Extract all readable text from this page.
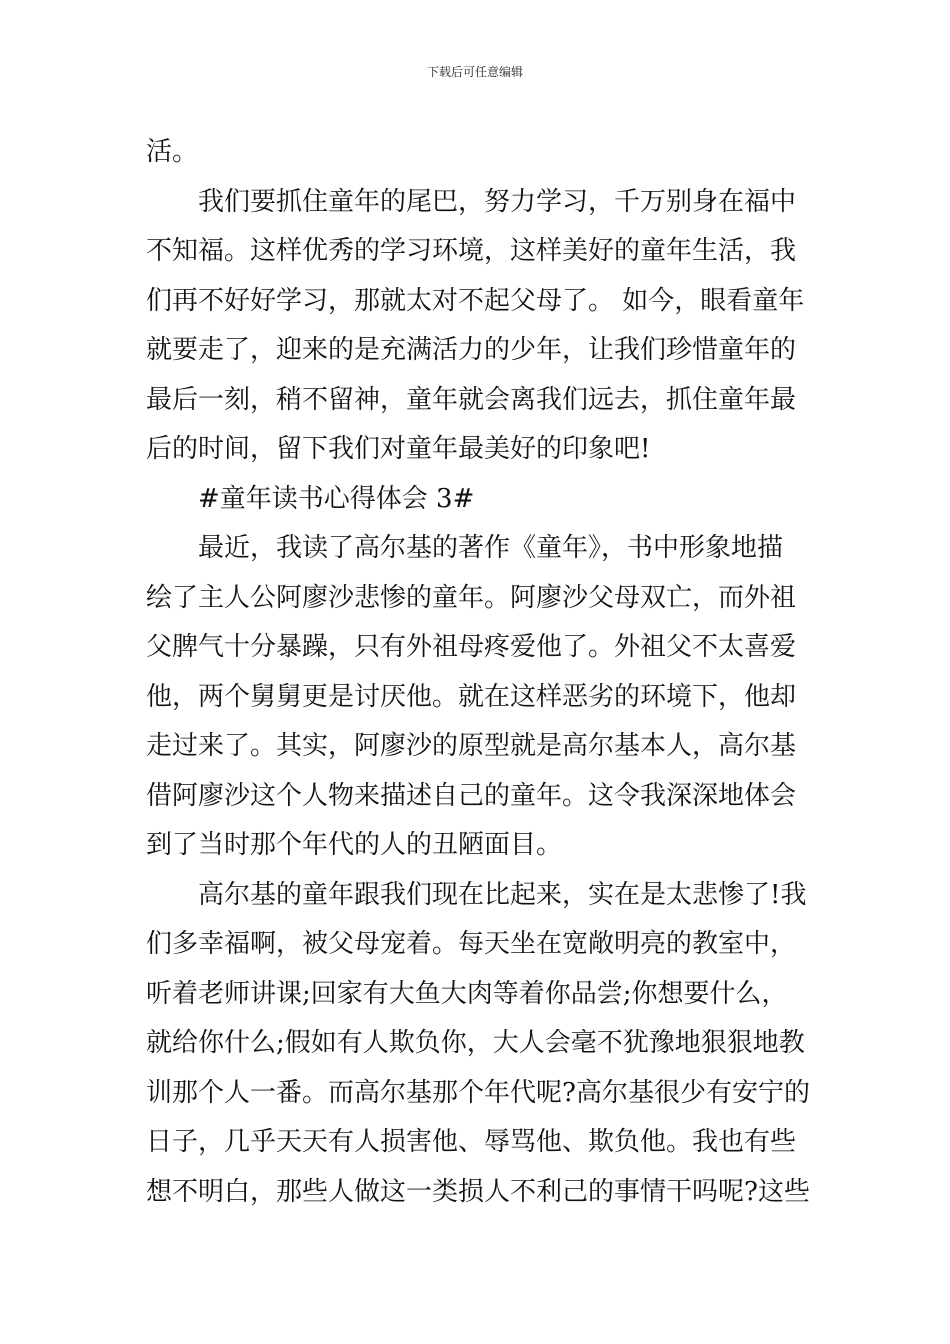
下载后可任意编辑
活。
我们要抓住童年的尾巴，努力学习，千万别身在福中
不知福。这样优秀的学习环境，这样美好的童年生活，我
们再不好好学习，那就太对不起父母了。 如今，眼看童年
就要走了，迎来的是充满活力的少年，让我们珍惜童年的
最后一刻，稍不留神，童年就会离我们远去，抓住童年最
后的时间，留下我们对童年最美好的印象吧!
#童年读书心得体会 3#
最近，我读了高尔基的著作《童年》，书中形象地描
绘了主人公阿廖沙悲惨的童年。阿廖沙父母双亡，而外祖
父脾气十分暴躁，只有外祖母疼爱他了。外祖父不太喜爱
他，两个舅舅更是讨厌他。就在这样恶劣的环境下，他却
走过来了。其实，阿廖沙的原型就是高尔基本人，高尔基
借阿廖沙这个人物来描述自己的童年。这令我深深地体会
到了当时那个年代的人的丑陋面目。
高尔基的童年跟我们现在比起来，实在是太悲惨了!我
们多幸福啊，被父母宠着。每天坐在宽敞明亮的教室中，
听着老师讲课;回家有大鱼大肉等着你品尝;你想要什么，
就给你什么;假如有人欺负你，大人会毫不犹豫地狠狠地教
训那个人一番。而高尔基那个年代呢?高尔基很少有安宁的
日子，几乎天天有人损害他、辱骂他、欺负他。我也有些
想不明白，那些人做这一类损人不利己的事情干吗呢?这些
